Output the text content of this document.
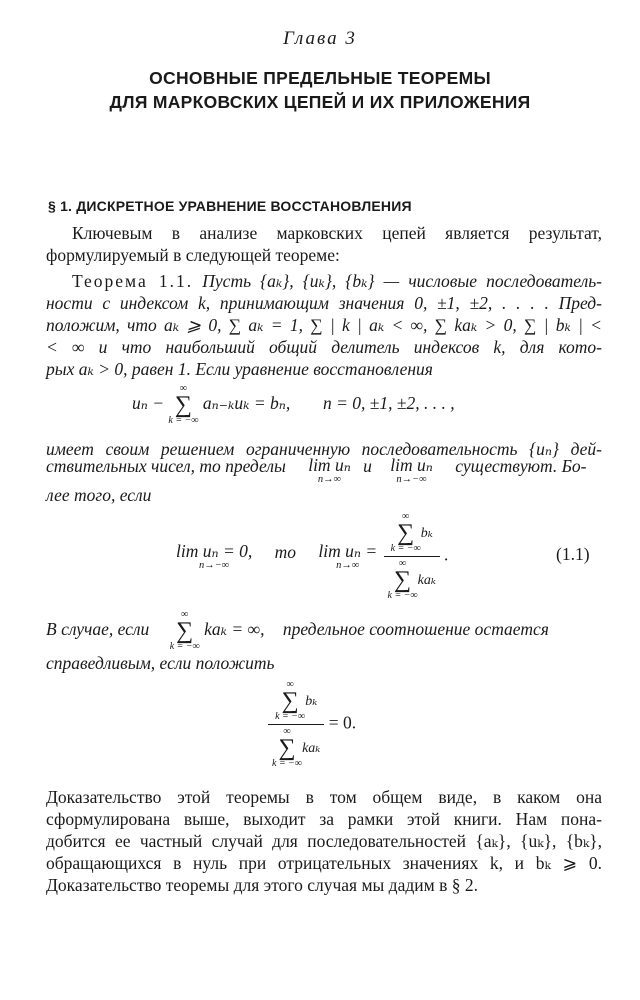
Глава 3
ОСНОВНЫЕ ПРЕДЕЛЬНЫЕ ТЕОРЕМЫ
ДЛЯ МАРКОВСКИХ ЦЕПЕЙ И ИХ ПРИЛОЖЕНИЯ
§ 1. ДИСКРЕТНОЕ УРАВНЕНИЕ ВОССТАНОВЛЕНИЯ
Ключевым в анализе марковских цепей является результат,
формулируемый в следующей теореме:
Теорема 1.1. Пусть {aₖ}, {uₖ}, {bₖ} — числовые последователь-
ности с индексом k, принимающим значения 0, ±1, ±2, . . . . Пред-
положим, что aₖ ⩾ 0, ∑ aₖ = 1, ∑ | k | aₖ < ∞, ∑ kaₖ > 0, ∑ | bₖ | <
< ∞ и что наибольший общий делитель индексов k, для кото-
рых aₖ > 0, равен 1. Если уравнение восстановления
uₙ −
∞
∑
k = −∞
aₙ₋ₖuₖ = bₙ, n = 0, ±1, ±2, . . . ,
имеет своим решением ограниченную последовательность {uₙ} дей-
ствительных чисел, то пределы lim uₙ
n→∞
и lim uₙ
n→−∞
существуют. Бо-
лее того, если
lim uₙ = 0,
n→−∞
то lim uₙ =
n→∞
	∞
∑
k = −∞
bₖ
∞
∑
k = −∞
kaₖ .	(1.1)
В случае, если
∞
∑
k = −∞
kaₖ = ∞, предельное соотношение остается
справедливым, если положить
∞
∑
k = −∞
bₖ
∞
∑
k = −∞
kaₖ = 0.
Доказательство этой теоремы в том общем виде, в каком она
сформулирована выше, выходит за рамки этой книги. Нам пона-
добится ее частный случай для последовательностей {aₖ}, {uₖ}, {bₖ},
обращающихся в нуль при отрицательных значениях k, и bₖ ⩾ 0.
Доказательство теоремы для этого случая мы дадим в § 2.
